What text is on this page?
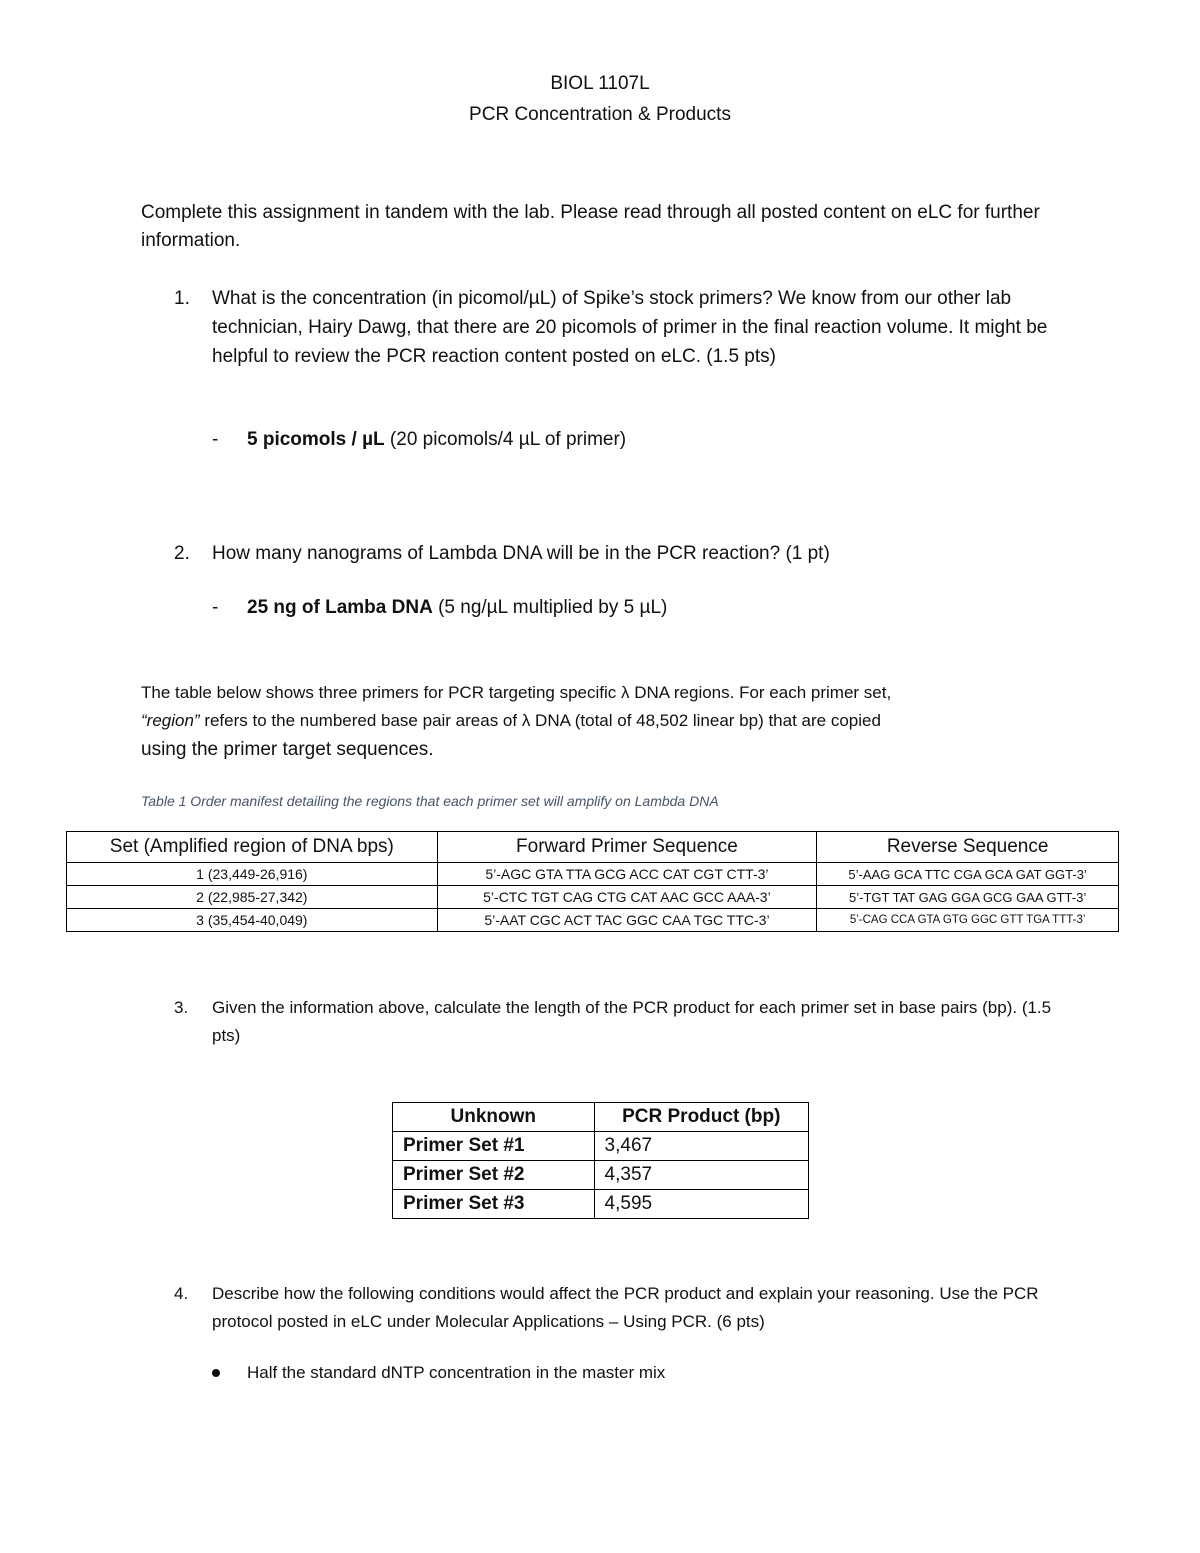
BIOL 1107L
PCR Concentration & Products
Complete this assignment in tandem with the lab. Please read through all posted content on eLC for further information.
1.	What is the concentration (in picomol/µL) of Spike’s stock primers? We know from our other lab technician, Hairy Dawg, that there are 20 picomols of primer in the final reaction volume. It might be helpful to review the PCR reaction content posted on eLC. (1.5 pts)
-	5 picomols / µL (20 picomols/4 µL of primer)
2.	How many nanograms of Lambda DNA will be in the PCR reaction? (1 pt)
-	25 ng of Lamba DNA (5 ng/µL multiplied by 5 µL)
The table below shows three primers for PCR targeting specific λ DNA regions. For each primer set,
“region” refers to the numbered base pair areas of λ DNA (total of 48,502 linear bp) that are copied
using the primer target sequences.
Table 1 Order manifest detailing the regions that each primer set will amplify on Lambda DNA
Set (Amplified region of DNA bps)	Forward Primer Sequence	Reverse Sequence
1 (23,449-26,916)	5’-AGC GTA TTA GCG ACC CAT CGT CTT-3’	5’-AAG GCA TTC CGA GCA GAT GGT-3’
2 (22,985-27,342)	5’-CTC TGT CAG CTG CAT AAC GCC AAA-3’	5’-TGT TAT GAG GGA GCG GAA GTT-3’
3 (35,454-40,049)	5’-AAT CGC ACT TAC GGC CAA TGC TTC-3’	5’-CAG CCA GTA GTG GGC GTT TGA TTT-3’
3.	Given the information above, calculate the length of the PCR product for each primer set in base pairs (bp). (1.5 pts)
Unknown	PCR Product (bp)
Primer Set #1	3,467
Primer Set #2	4,357
Primer Set #3	4,595
4.	Describe how the following conditions would affect the PCR product and explain your reasoning. Use the PCR protocol posted in eLC under Molecular Applications – Using PCR. (6 pts)
Half the standard dNTP concentration in the master mix
